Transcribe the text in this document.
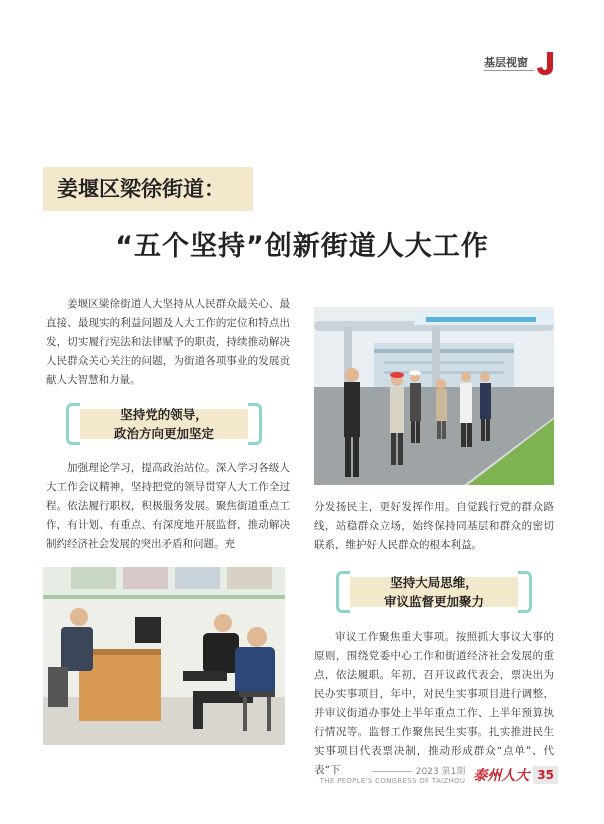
基层视窗
姜堰区梁徐街道：
“五个坚持”创新街道人大工作

姜堰区梁徐街道人大坚持从人民群众最关心、最直接、最现实的利益问题及人大工作的定位和特点出发，切实履行宪法和法律赋予的职责，持续推动解决人民群众关心关注的问题，为街道各项事业的发展贡献人大智慧和力量。

坚持党的领导，
政治方向更加坚定

加强理论学习，提高政治站位。深入学习各级人大工作会议精神，坚持把党的领导贯穿人大工作全过程。依法履行职权，积极服务发展。聚焦街道重点工作，有计划、有重点、有深度地开展监督，推动解决制约经济社会发展的突出矛盾和问题。充

分发扬民主，更好发挥作用。自觉践行党的群众路线，站稳群众立场，始终保持同基层和群众的密切联系，维护好人民群众的根本利益。

坚持大局思维，
审议监督更加聚力

审议工作聚焦重大事项。按照抓大事议大事的原则，围绕党委中心工作和街道经济社会发展的重点，依法履职。年初，召开议政代表会，票决出为民办实事项目，年中，对民生实事项目进行调整，并审议街道办事处上半年重点工作、上半年预算执行情况等。监督工作聚焦民生实事。扎实推进民生实事项目代表票决制，推动形成群众“点单”、代表“下	2023 第1期
THE PEOPLE'S CONGRESS OF TAIZHOU 泰州人大 35
